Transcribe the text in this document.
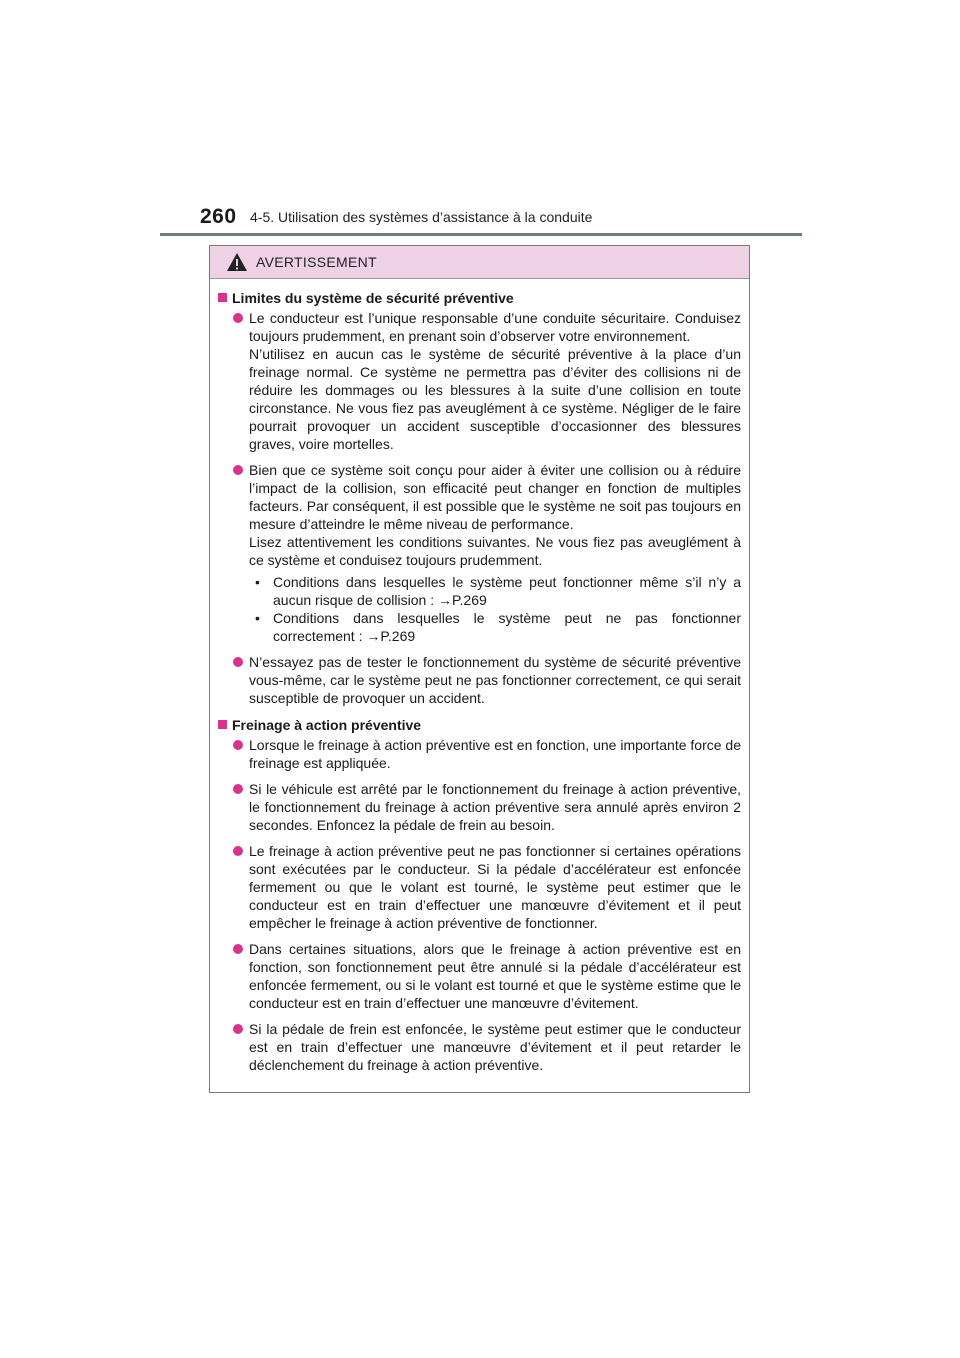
260 4-5. Utilisation des systèmes d’assistance à la conduite
AVERTISSEMENT
Limites du système de sécurité préventive

Le conducteur est l’unique responsable d’une conduite sécuritaire. Conduisez toujours prudemment, en prenant soin d’observer votre environnement.

N’utilisez en aucun cas le système de sécurité préventive à la place d’un freinage normal. Ce système ne permettra pas d’éviter des collisions ni de réduire les dommages ou les blessures à la suite d’une collision en toute circonstance. Ne vous fiez pas aveuglément à ce système. Négliger de le faire pourrait provoquer un accident susceptible d’occasionner des blessures graves, voire mortelles.

Bien que ce système soit conçu pour aider à éviter une collision ou à réduire l’impact de la collision, son efficacité peut changer en fonction de multiples facteurs. Par conséquent, il est possible que le système ne soit pas toujours en mesure d’atteindre le même niveau de performance.

Lisez attentivement les conditions suivantes. Ne vous fiez pas aveuglément à ce système et conduisez toujours prudemment.

• Conditions dans lesquelles le système peut fonctionner même s’il n’y a aucun risque de collision : →P.269
• Conditions dans lesquelles le système peut ne pas fonctionner correctement : →P.269

N’essayez pas de tester le fonctionnement du système de sécurité préventive vous-même, car le système peut ne pas fonctionner correctement, ce qui serait susceptible de provoquer un accident.

Freinage à action préventive

Lorsque le freinage à action préventive est en fonction, une importante force de freinage est appliquée.

Si le véhicule est arrêté par le fonctionnement du freinage à action préventive, le fonctionnement du freinage à action préventive sera annulé après environ 2 secondes. Enfoncez la pédale de frein au besoin.

Le freinage à action préventive peut ne pas fonctionner si certaines opérations sont exécutées par le conducteur. Si la pédale d’accélérateur est enfoncée fermement ou que le volant est tourné, le système peut estimer que le conducteur est en train d’effectuer une manœuvre d’évitement et il peut empêcher le freinage à action préventive de fonctionner.

Dans certaines situations, alors que le freinage à action préventive est en fonction, son fonctionnement peut être annulé si la pédale d’accélérateur est enfoncée fermement, ou si le volant est tourné et que le système estime que le conducteur est en train d’effectuer une manœuvre d’évitement.

Si la pédale de frein est enfoncée, le système peut estimer que le conducteur est en train d’effectuer une manœuvre d’évitement et il peut retarder le déclenchement du freinage à action préventive.
